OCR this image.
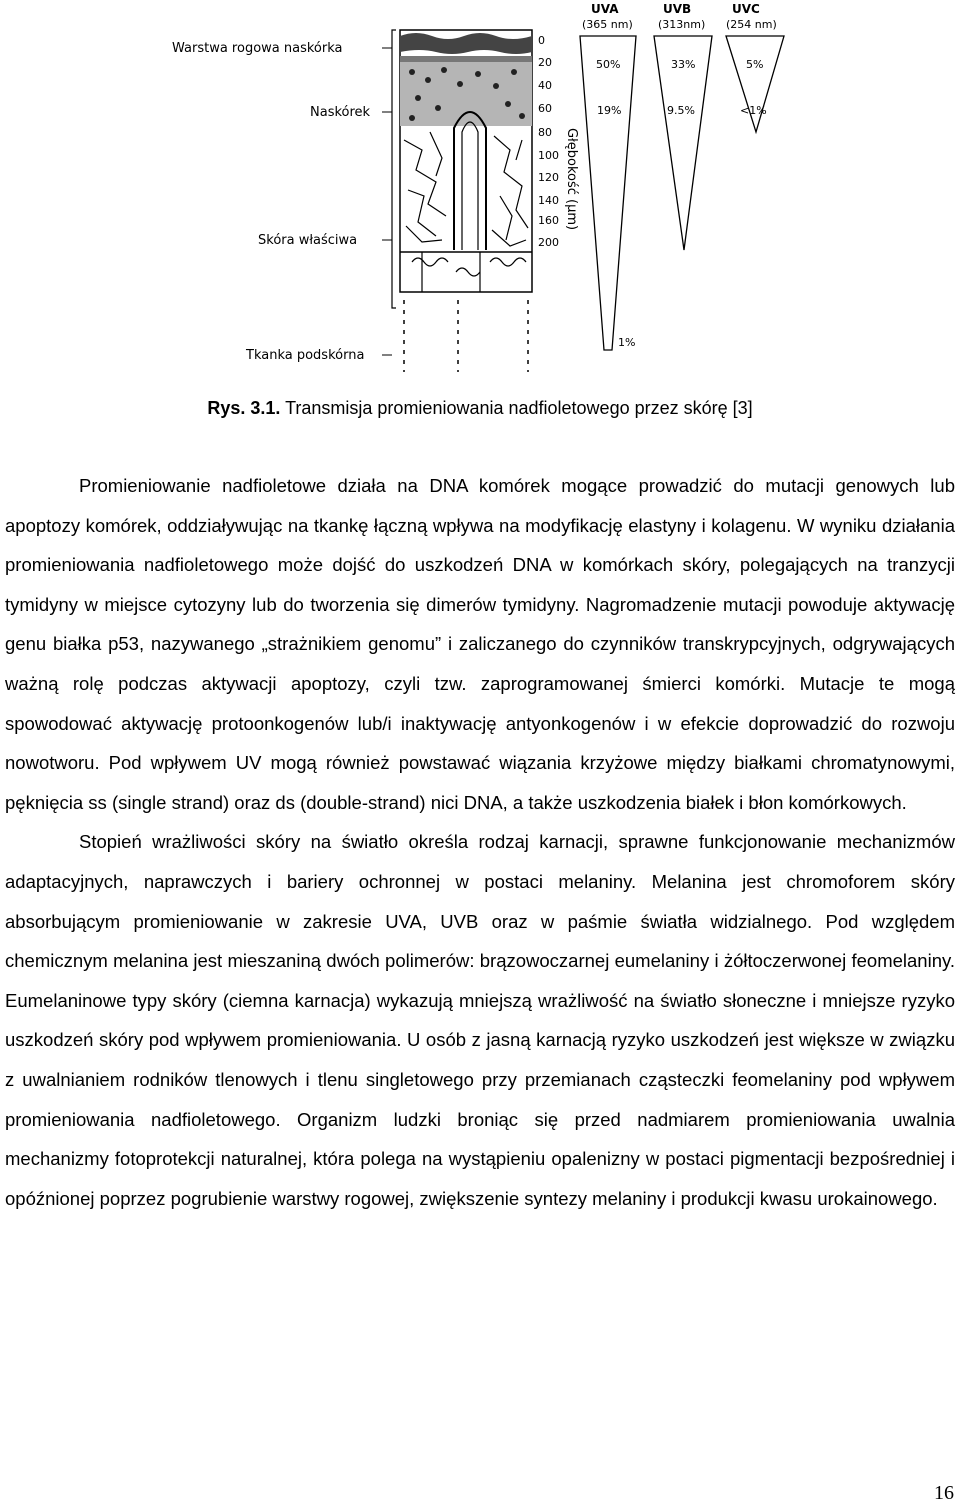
Warstwa rogowa naskórka
Naskórek
Skóra właściwa
Tkanka podskórna
0
20
40
60
80
100
120
140
160
200
Głębokość (μm)
UVA
(365 nm)
50%
19%
1%
UVB
(313nm)
33%
9.5%
UVC
(254 nm)
5%
<1%
Rys. 3.1. Transmisja promieniowania nadfioletowego przez skórę [3]

Promieniowanie nadfioletowe działa na DNA komórek mogące prowadzić do mutacji genowych lub apoptozy komórek, oddziaływując na tkankę łączną wpływa na modyfikację elastyny i kolagenu. W wyniku działania promieniowania nadfioletowego może dojść do uszkodzeń DNA w komórkach skóry, polegających na tranzycji tymidyny w miejsce cytozyny lub do tworzenia się dimerów tymidyny. Nagromadzenie mutacji powoduje aktywację genu białka p53, nazywanego „strażnikiem genomu” i zaliczanego do czynników transkrypcyjnych, odgrywających ważną rolę podczas aktywacji apoptozy, czyli tzw. zaprogramowanej śmierci komórki. Mutacje te mogą spowodować aktywację protoonkogenów lub/i inaktywację antyonkogenów i w efekcie doprowadzić do rozwoju nowotworu. Pod wpływem UV mogą również powstawać wiązania krzyżowe między białkami chromatynowymi, pęknięcia ss (single strand) oraz ds (double-strand) nici DNA, a także uszkodzenia białek i błon komórkowych.

Stopień wrażliwości skóry na światło określa rodzaj karnacji, sprawne funkcjonowanie mechanizmów adaptacyjnych, naprawczych i bariery ochronnej w postaci melaniny. Melanina jest chromoforem skóry absorbującym promieniowanie w zakresie UVA, UVB oraz w paśmie światła widzialnego. Pod względem chemicznym melanina jest mieszaniną dwóch polimerów: brązowoczarnej eumelaniny i żółtoczerwonej feomelaniny. Eumelaninowe typy skóry (ciemna karnacja) wykazują mniejszą wrażliwość na światło słoneczne i mniejsze ryzyko uszkodzeń skóry pod wpływem promieniowania. U osób z jasną karnacją ryzyko uszkodzeń jest większe w związku z uwalnianiem rodników tlenowych i tlenu singletowego przy przemianach cząsteczki feomelaniny pod wpływem promieniowania nadfioletowego. Organizm ludzki broniąc się przed nadmiarem promieniowania uwalnia mechanizmy fotoprotekcji naturalnej, która polega na wystąpieniu opalenizny w postaci pigmentacji bezpośredniej i opóźnionej poprzez pogrubienie warstwy rogowej, zwiększenie syntezy melaniny i produkcji kwasu urokainowego.

16
